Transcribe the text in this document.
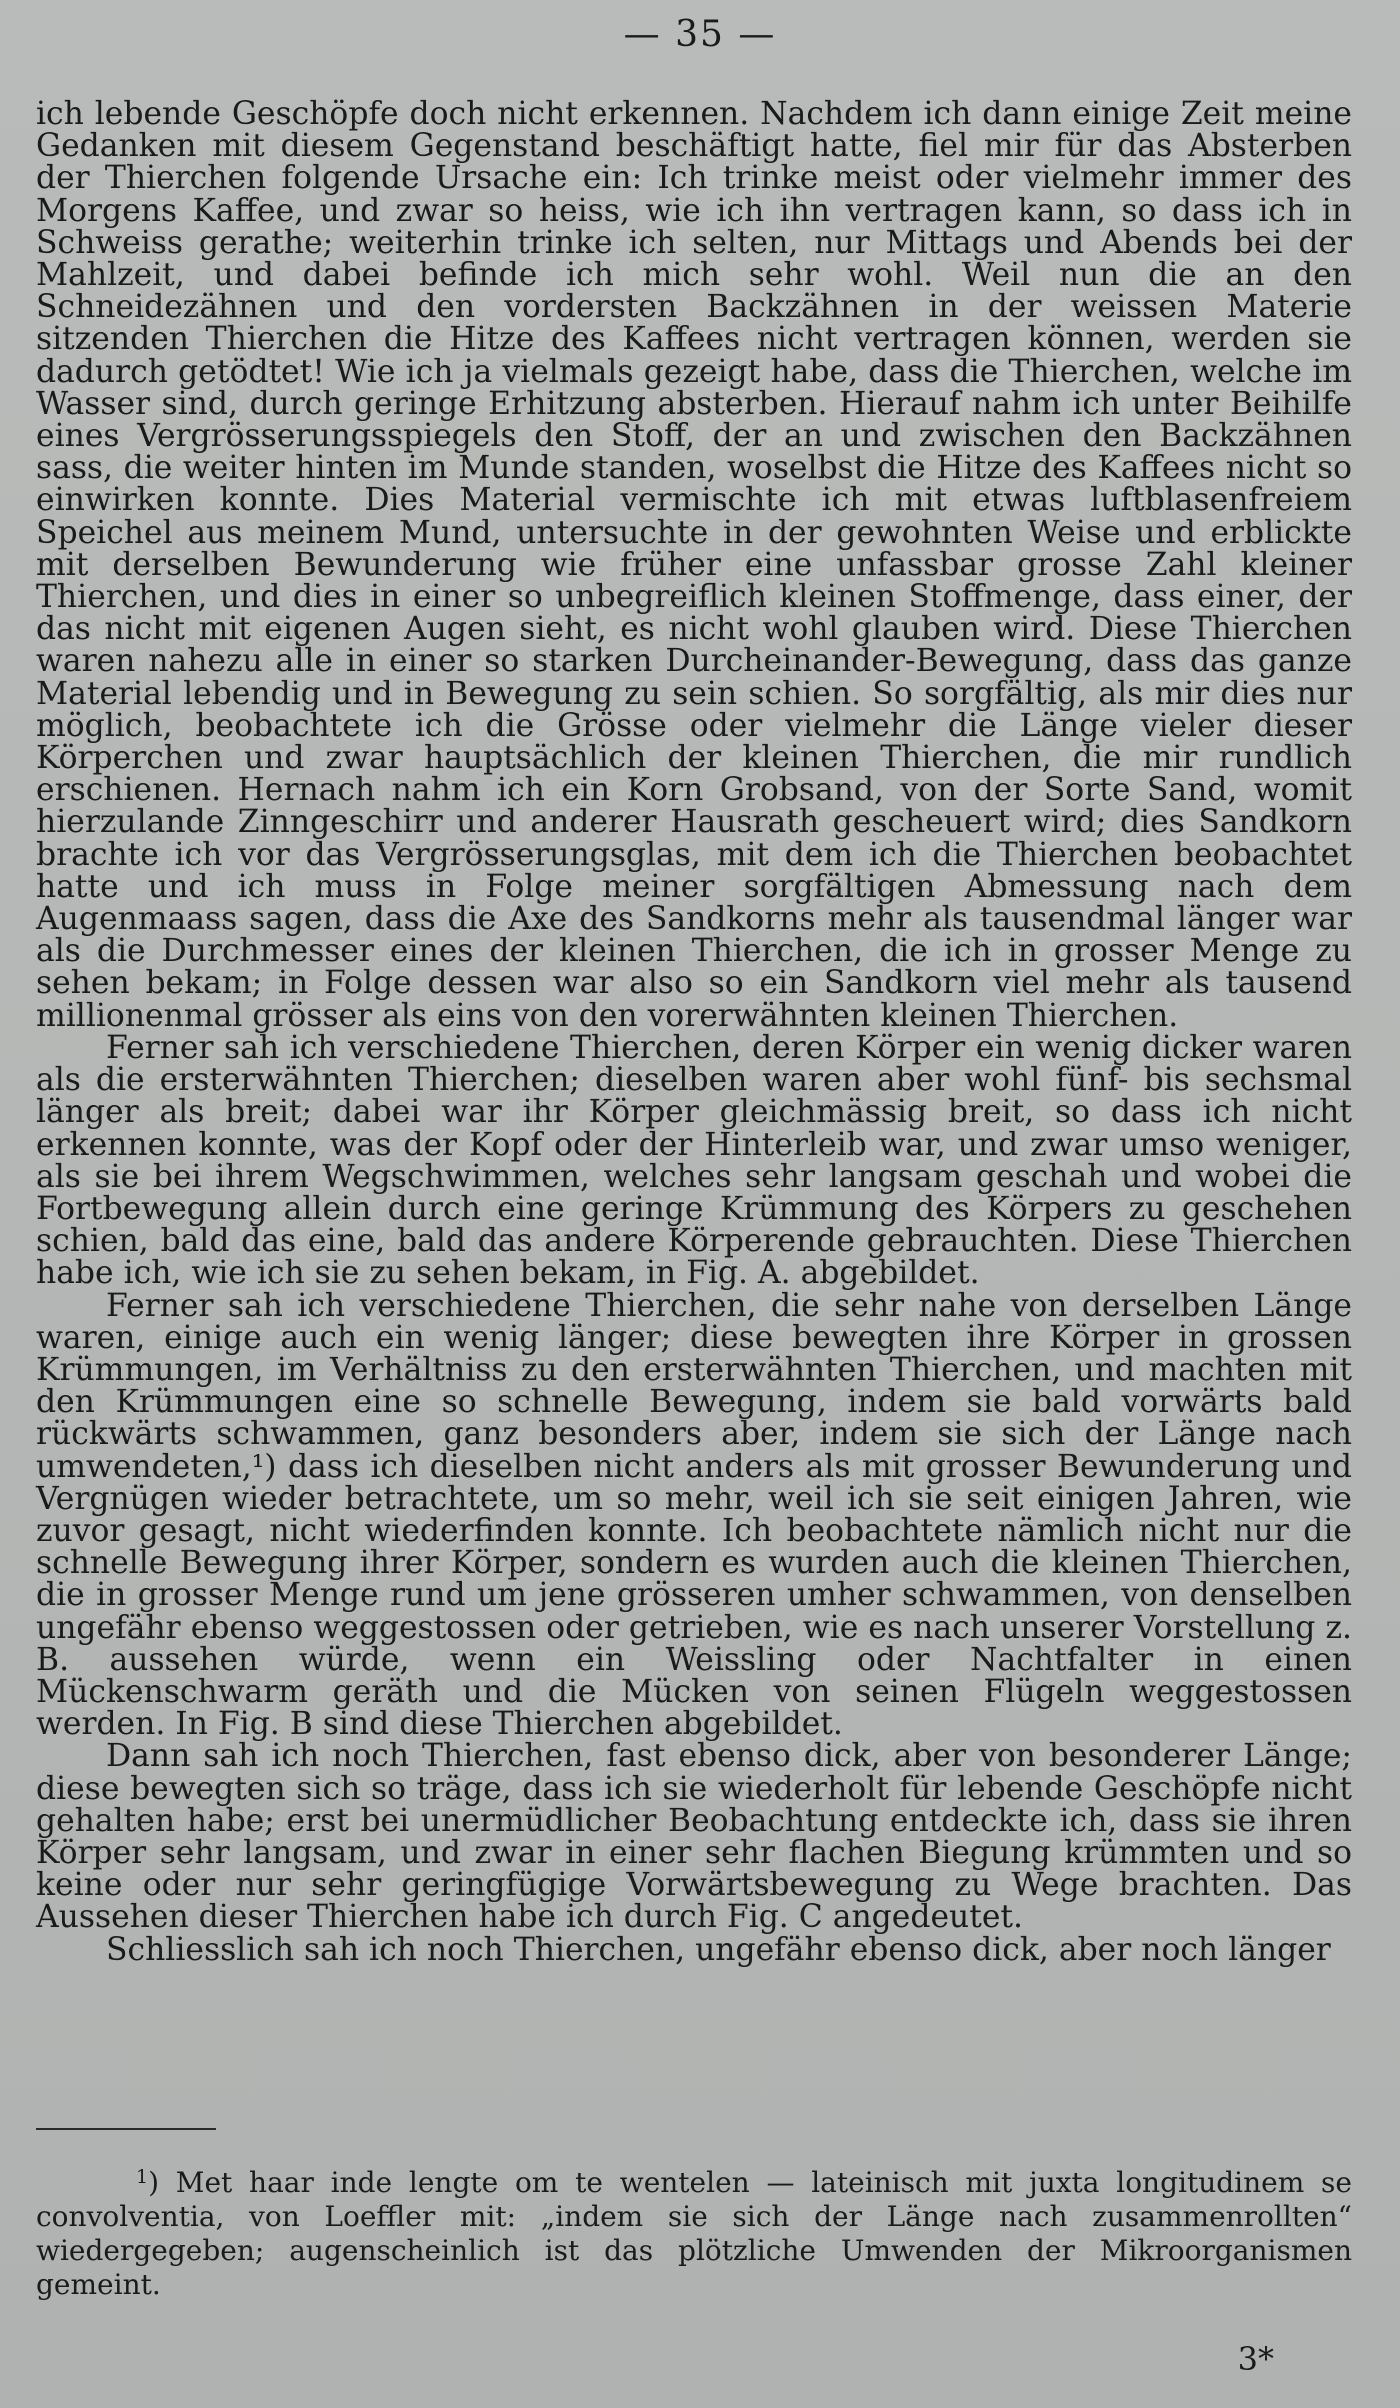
— 35 —

ich lebende Geschöpfe doch nicht erkennen. Nachdem ich dann einige Zeit meine Gedanken mit diesem Gegenstand beschäftigt hatte, fiel mir für das Absterben der Thierchen folgende Ursache ein: Ich trinke meist oder vielmehr immer des Morgens Kaffee, und zwar so heiss, wie ich ihn vertragen kann, so dass ich in Schweiss gerathe; weiterhin trinke ich selten, nur Mittags und Abends bei der Mahlzeit, und dabei befinde ich mich sehr wohl. Weil nun die an den Schneidezähnen und den vordersten Backzähnen in der weissen Materie sitzenden Thierchen die Hitze des Kaffees nicht vertragen können, werden sie dadurch getödtet! Wie ich ja vielmals gezeigt habe, dass die Thierchen, welche im Wasser sind, durch geringe Erhitzung absterben. Hierauf nahm ich unter Beihilfe eines Vergrösserungsspiegels den Stoff, der an und zwischen den Backzähnen sass, die weiter hinten im Munde standen, woselbst die Hitze des Kaffees nicht so einwirken konnte. Dies Material vermischte ich mit etwas luftblasenfreiem Speichel aus meinem Mund, untersuchte in der gewohnten Weise und erblickte mit derselben Bewunderung wie früher eine unfassbar grosse Zahl kleiner Thierchen, und dies in einer so unbegreiflich kleinen Stoffmenge, dass einer, der das nicht mit eigenen Augen sieht, es nicht wohl glauben wird. Diese Thierchen waren nahezu alle in einer so starken Durcheinander-Bewegung, dass das ganze Material lebendig und in Bewegung zu sein schien. So sorgfältig, als mir dies nur möglich, beobachtete ich die Grösse oder vielmehr die Länge vieler dieser Körperchen und zwar hauptsächlich der kleinen Thierchen, die mir rundlich erschienen. Hernach nahm ich ein Korn Grobsand, von der Sorte Sand, womit hierzulande Zinngeschirr und anderer Hausrath gescheuert wird; dies Sandkorn brachte ich vor das Vergrösserungsglas, mit dem ich die Thierchen beobachtet hatte und ich muss in Folge meiner sorgfältigen Abmessung nach dem Augenmaass sagen, dass die Axe des Sandkorns mehr als tausendmal länger war als die Durchmesser eines der kleinen Thierchen, die ich in grosser Menge zu sehen bekam; in Folge dessen war also so ein Sandkorn viel mehr als tausend millionenmal grösser als eins von den vorerwähnten kleinen Thierchen.

Ferner sah ich verschiedene Thierchen, deren Körper ein wenig dicker waren als die ersterwähnten Thierchen; dieselben waren aber wohl fünf- bis sechsmal länger als breit; dabei war ihr Körper gleichmässig breit, so dass ich nicht erkennen konnte, was der Kopf oder der Hinterleib war, und zwar umso weniger, als sie bei ihrem Wegschwimmen, welches sehr langsam geschah und wobei die Fortbewegung allein durch eine geringe Krümmung des Körpers zu geschehen schien, bald das eine, bald das andere Körperende gebrauchten. Diese Thierchen habe ich, wie ich sie zu sehen bekam, in Fig. A. abgebildet.

Ferner sah ich verschiedene Thierchen, die sehr nahe von derselben Länge waren, einige auch ein wenig länger; diese bewegten ihre Körper in grossen Krümmungen, im Verhältniss zu den ersterwähnten Thierchen, und machten mit den Krümmungen eine so schnelle Bewegung, indem sie bald vorwärts bald rückwärts schwammen, ganz besonders aber, indem sie sich der Länge nach umwendeten,¹) dass ich dieselben nicht anders als mit grosser Bewunderung und Vergnügen wieder betrachtete, um so mehr, weil ich sie seit einigen Jahren, wie zuvor gesagt, nicht wiederfinden konnte. Ich beobachtete nämlich nicht nur die schnelle Bewegung ihrer Körper, sondern es wurden auch die kleinen Thierchen, die in grosser Menge rund um jene grösseren umher schwammen, von denselben ungefähr ebenso weggestossen oder getrieben, wie es nach unserer Vorstellung z. B. aussehen würde, wenn ein Weissling oder Nachtfalter in einen Mückenschwarm geräth und die Mücken von seinen Flügeln weggestossen werden. In Fig. B sind diese Thierchen abgebildet.

Dann sah ich noch Thierchen, fast ebenso dick, aber von besonderer Länge; diese bewegten sich so träge, dass ich sie wiederholt für lebende Geschöpfe nicht gehalten habe; erst bei unermüdlicher Beobachtung entdeckte ich, dass sie ihren Körper sehr langsam, und zwar in einer sehr flachen Biegung krümmten und so keine oder nur sehr geringfügige Vorwärtsbewegung zu Wege brachten. Das Aussehen dieser Thierchen habe ich durch Fig. C angedeutet.

Schliesslich sah ich noch Thierchen, ungefähr ebenso dick, aber noch länger

$^1$) Met haar inde lengte om te wentelen — lateinisch mit juxta longitudinem se convolventia, von Loeffler mit: „indem sie sich der Länge nach zusammenrollten“ wiedergegeben; augenscheinlich ist das plötzliche Umwenden der Mikroorganismen gemeint.
3*
